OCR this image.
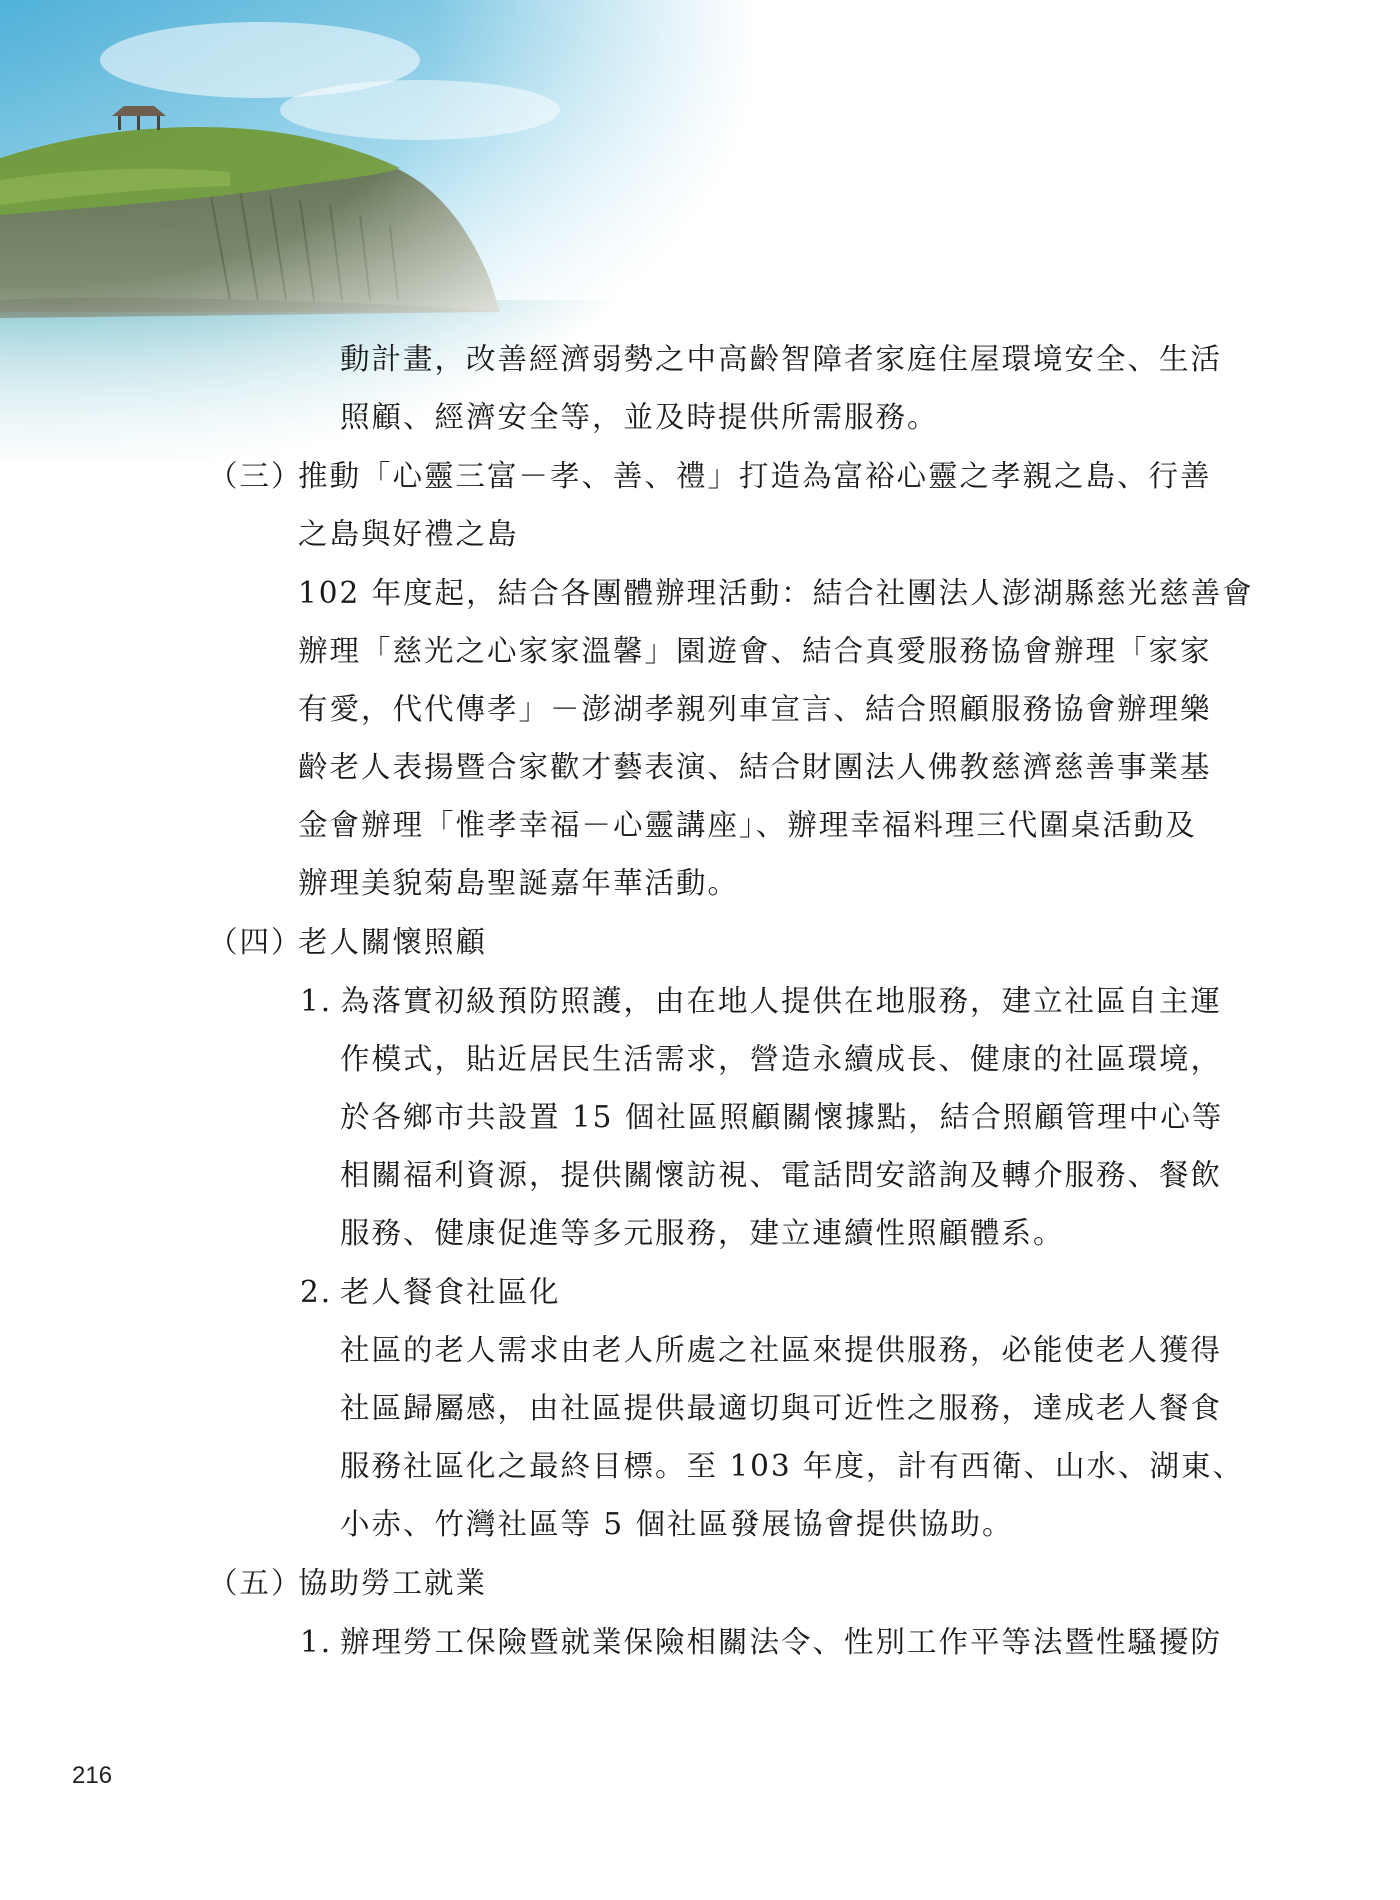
動計畫，改善經濟弱勢之中高齡智障者家庭住屋環境安全、生活

照顧、經濟安全等，並及時提供所需服務。

（三）

推動「心靈三富－孝、善、禮」打造為富裕心靈之孝親之島、行善

之島與好禮之島

102 年度起，結合各團體辦理活動：結合社團法人澎湖縣慈光慈善會

辦理「慈光之心家家溫馨」園遊會、結合真愛服務協會辦理「家家

有愛，代代傳孝」－澎湖孝親列車宣言、結合照顧服務協會辦理樂

齡老人表揚暨合家歡才藝表演、結合財團法人佛教慈濟慈善事業基

金會辦理「惟孝幸福－心靈講座」、辦理幸福料理三代圍桌活動及

辦理美貌菊島聖誕嘉年華活動。

（四）

老人關懷照顧

1. 為落實初級預防照護，由在地人提供在地服務，建立社區自主運

作模式，貼近居民生活需求，營造永續成長、健康的社區環境，

於各鄉市共設置 15 個社區照顧關懷據點，結合照顧管理中心等

相關福利資源，提供關懷訪視、電話問安諮詢及轉介服務、餐飲

服務、健康促進等多元服務，建立連續性照顧體系。

2. 老人餐食社區化

社區的老人需求由老人所處之社區來提供服務，必能使老人獲得

社區歸屬感，由社區提供最適切與可近性之服務，達成老人餐食

服務社區化之最終目標。至 103 年度，計有西衛、山水、湖東、

小赤、竹灣社區等 5 個社區發展協會提供協助。

（五）

協助勞工就業

1. 辦理勞工保險暨就業保險相關法令、性別工作平等法暨性騷擾防

216
